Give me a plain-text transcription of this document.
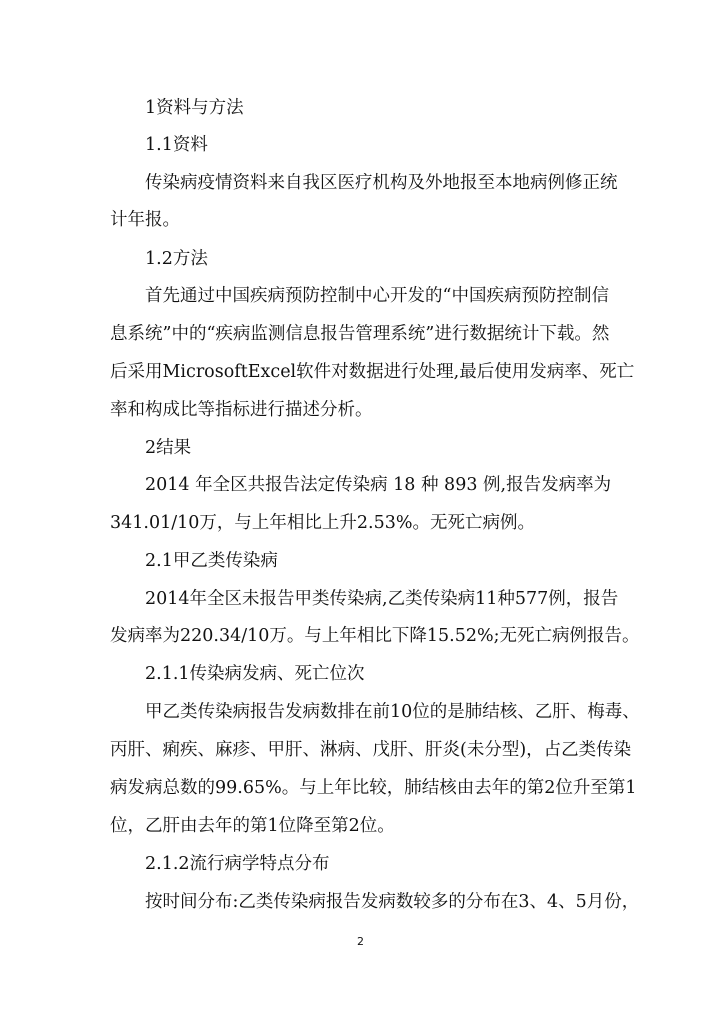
1资料与方法
1.1资料
传染病疫情资料来自我区医疗机构及外地报至本地病例修正统
计年报。
1.2方法
首先通过中国疾病预防控制中心开发的“中国疾病预防控制信
息系统”中的“疾病监测信息报告管理系统”进行数据统计下载。然
后采用MicrosoftExcel软件对数据进行处理,最后使用发病率、死亡
率和构成比等指标进行描述分析。
2结果
2014 年全区共报告法定传染病 18 种 893 例,报告发病率为
341.01/10万，与上年相比上升2.53%。无死亡病例。
2.1甲乙类传染病
2014年全区未报告甲类传染病,乙类传染病11种577例，报告
发病率为220.34/10万。与上年相比下降15.52%;无死亡病例报告。
2.1.1传染病发病、死亡位次
甲乙类传染病报告发病数排在前10位的是肺结核、乙肝、梅毒、
丙肝、痢疾、麻疹、甲肝、淋病、戊肝、肝炎(未分型)，占乙类传染
病发病总数的99.65%。与上年比较，肺结核由去年的第2位升至第1
位，乙肝由去年的第1位降至第2位。
2.1.2流行病学特点分布
按时间分布:乙类传染病报告发病数较多的分布在3、4、5月份，
2
